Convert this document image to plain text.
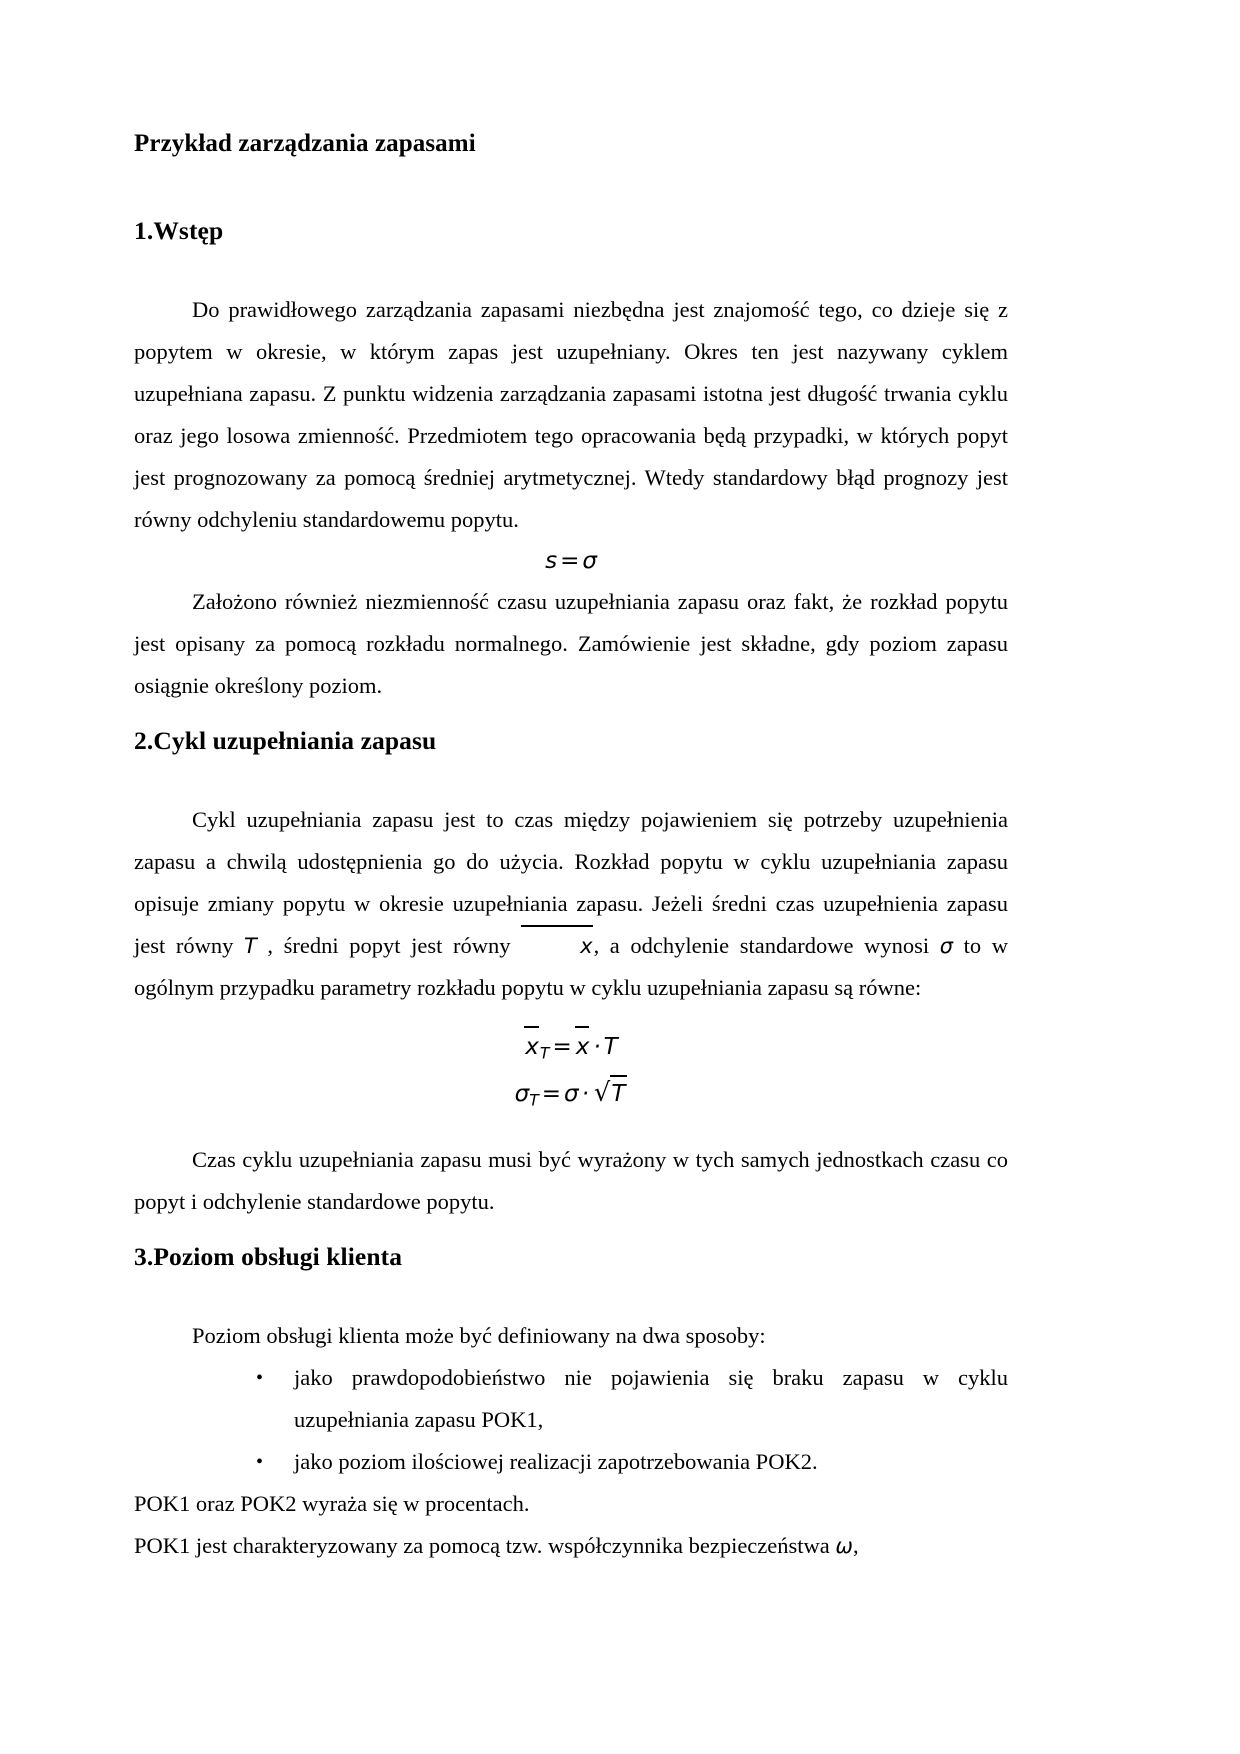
Przykład zarządzania zapasami
1.Wstęp

Do prawidłowego zarządzania zapasami niezbędna jest znajomość tego, co dzieje się z popytem w okresie, w którym zapas jest uzupełniany. Okres ten jest nazywany cyklem uzupełniana zapasu. Z punktu widzenia zarządzania zapasami istotna jest długość trwania cyklu oraz jego losowa zmienność. Przedmiotem tego opracowania będą przypadki, w których popyt jest prognozowany za pomocą średniej arytmetycznej. Wtedy standardowy błąd prognozy jest równy odchyleniu standardowemu popytu.

s = σ

Założono również niezmienność czasu uzupełniania zapasu oraz fakt, że rozkład popytu jest opisany za pomocą rozkładu normalnego. Zamówienie jest składne, gdy poziom zapasu osiągnie określony poziom.

2.Cykl uzupełniania zapasu

Cykl uzupełniania zapasu jest to czas między pojawieniem się potrzeby uzupełnienia zapasu a chwilą udostępnienia go do użycia. Rozkład popytu w cyklu uzupełniania zapasu opisuje zmiany popytu w okresie uzupełniania zapasu. Jeżeli średni czas uzupełnienia zapasu jest równy T , średni popyt jest równy	x, a odchylenie standardowe wynosi σ to w ogólnym przypadku parametry rozkładu popytu w cyklu uzupełniania zapasu są równe:

$x_T = x \cdot T$

$\sigma_T = \sigma \cdot √T$

Czas cyklu uzupełniania zapasu musi być wyrażony w tych samych jednostkach czasu co popyt i odchylenie standardowe popytu.

3.Poziom obsługi klienta

Poziom obsługi klienta może być definiowany na dwa sposoby:

• jako prawdopodobieństwo nie pojawienia się braku zapasu w cyklu uzupełniania zapasu POK1,
• jako poziom ilościowej realizacji zapotrzebowania POK2.

POK1 oraz POK2 wyraża się w procentach.

POK1 jest charakteryzowany za pomocą tzw. współczynnika bezpieczeństwa ω,
